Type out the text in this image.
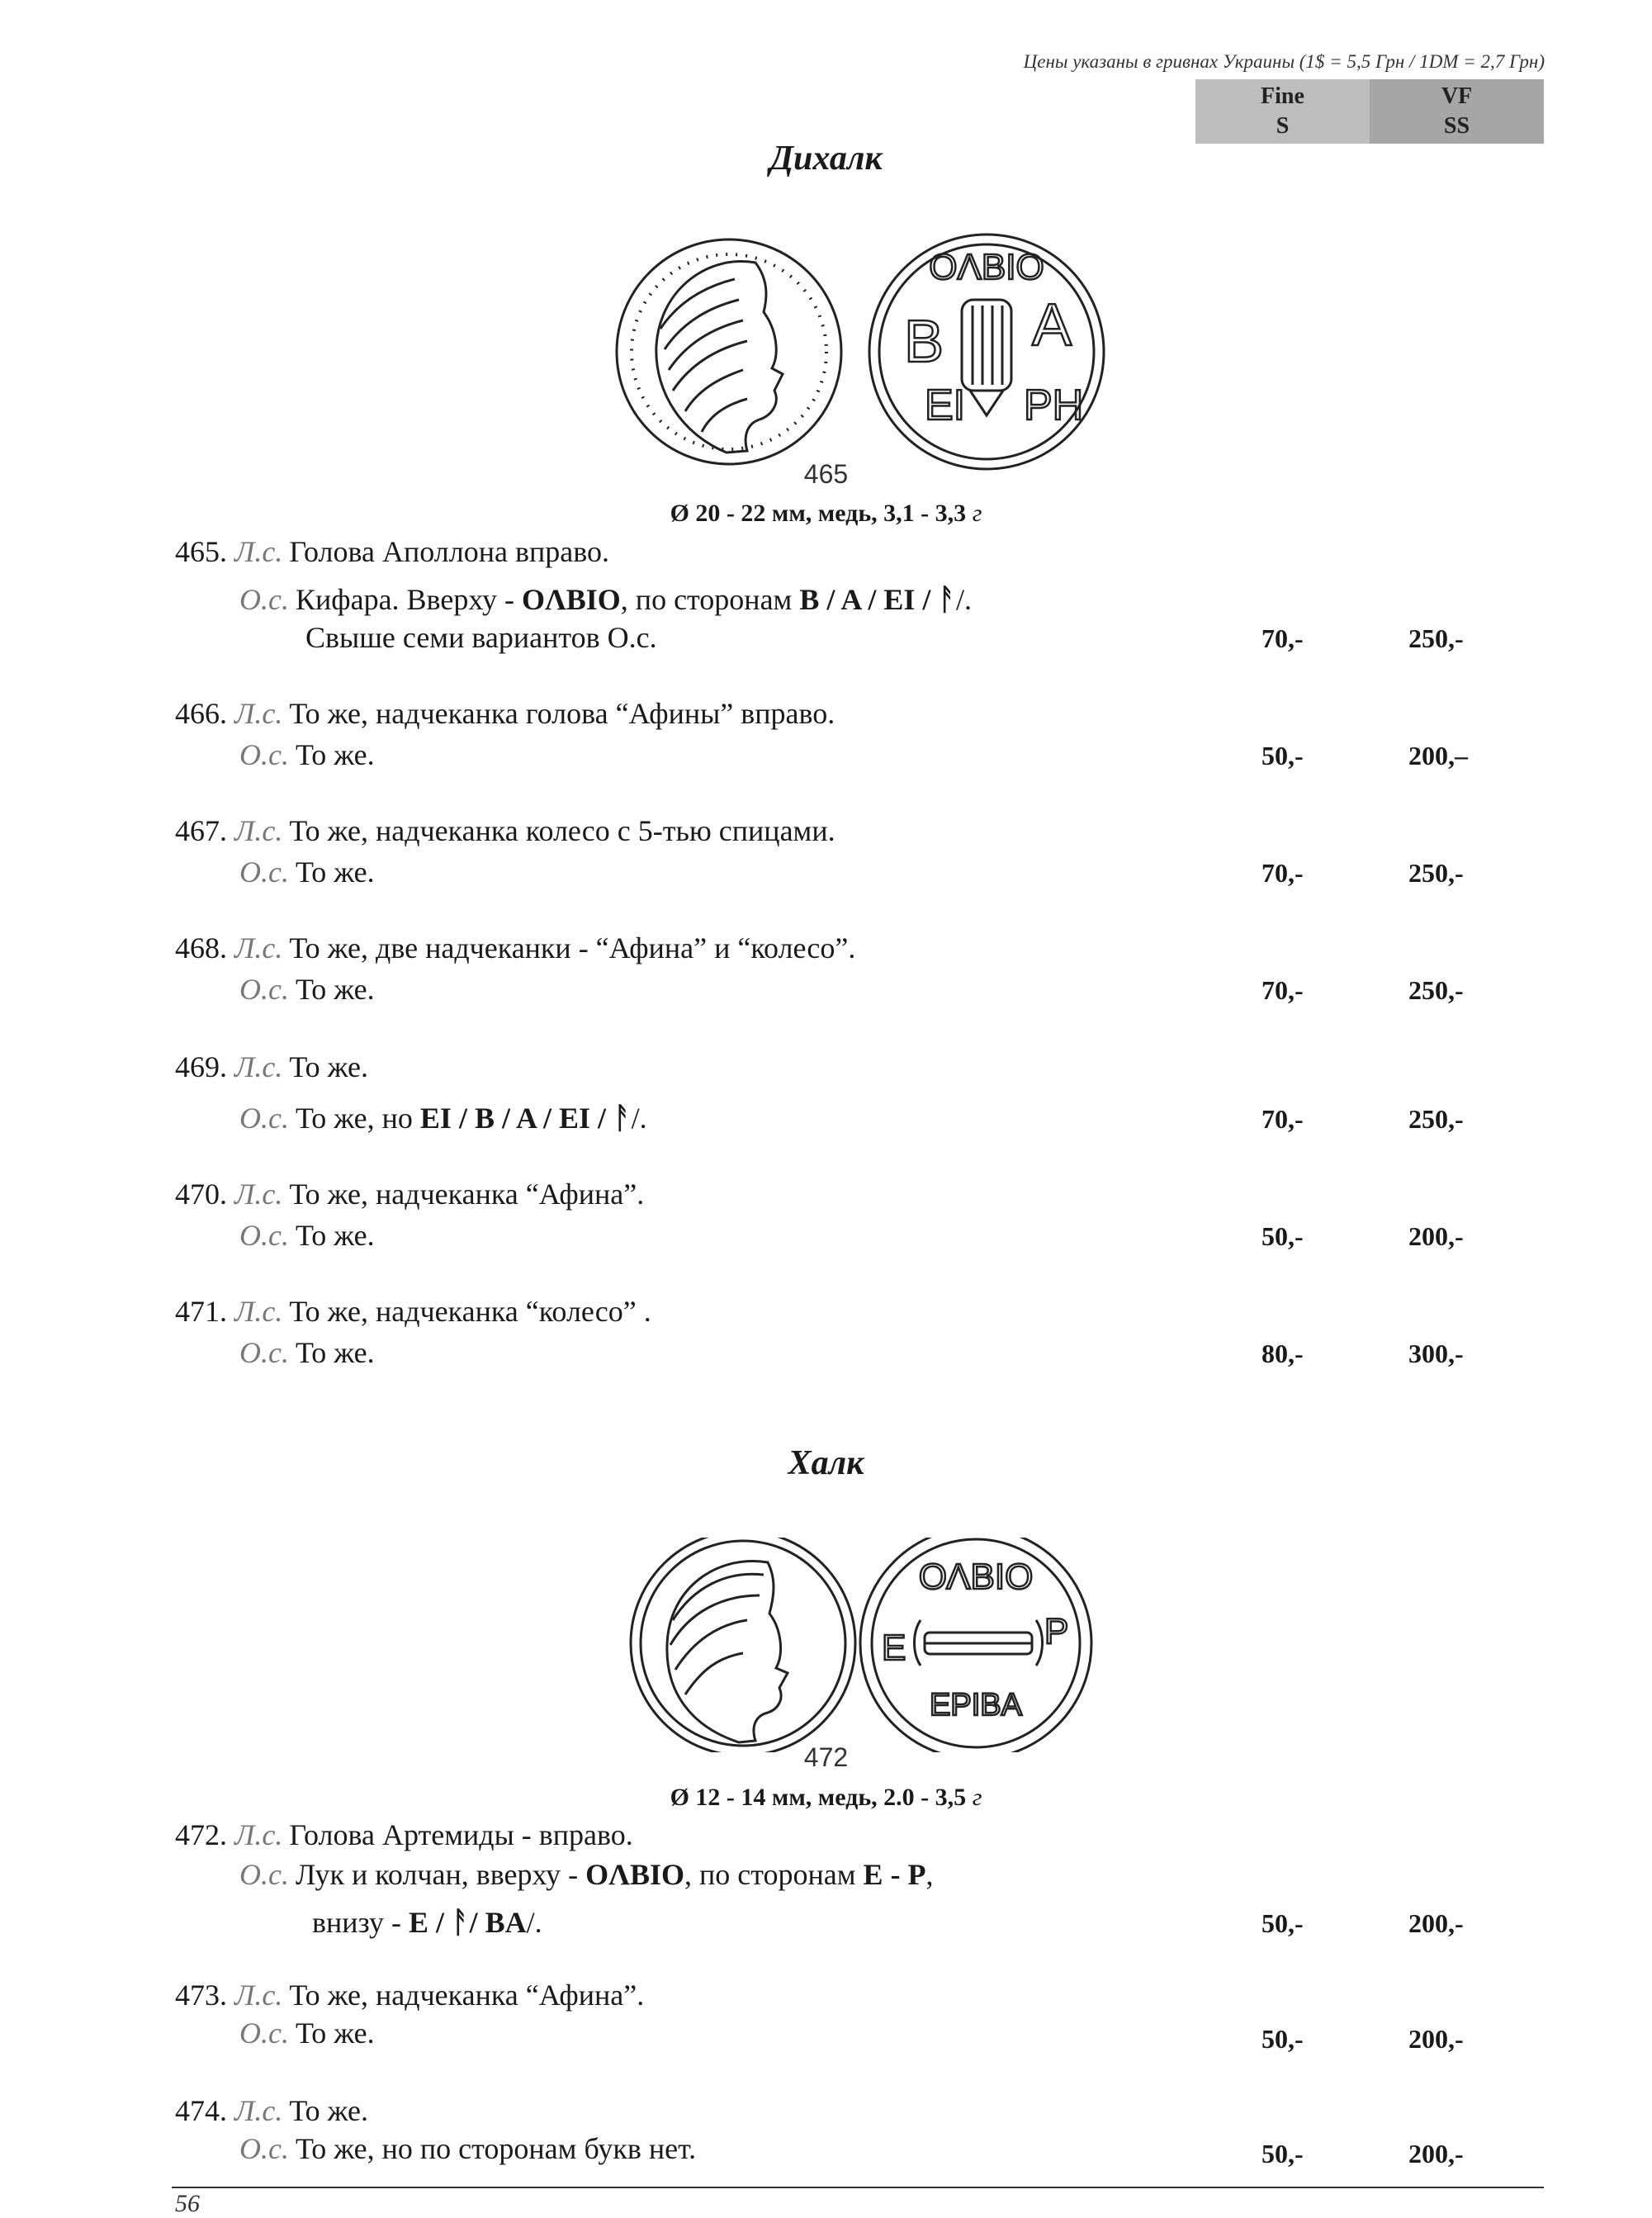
Цены указаны в гривнах Украины (1$ = 5,5 Грн / 1DM = 2,7 Грн)
Fine
S
VF
SS
Дихалк
ОΛΒΙΟ
B A
EI PH
465
Ø 20 - 22 мм, медь, 3,1 - 3,3 г
465. Л.с. Голова Аполлона вправо.
О.с. Кифара. Вверху - ОΛΒΙΟ, по сторонам B / A / EI / ᚨ/.
Свыше семи вариантов О.с.	70,-	250,-
466. Л.с. То же, надчеканка голова “Афины” вправо.
О.с. То же.	50,-	200,–
467. Л.с. То же, надчеканка колесо с 5-тью спицами.
О.с. То же.	70,-	250,-
468. Л.с. То же, две надчеканки - “Афина” и “колесо”.
О.с. То же.	70,-	250,-
469. Л.с. То же.
О.с. То же, но EI / B / A / EI / ᚨ/.	70,-	250,-
470. Л.с. То же, надчеканка “Афина”.
О.с. То же.	50,-	200,-
471. Л.с. То же, надчеканка “колесо” .
О.с. То же.	80,-	300,-
Халк
ΟΛΒΙΟ
E	P
EPIBA
472
Ø 12 - 14 мм, медь, 2.0 - 3,5 г
472. Л.с. Голова Артемиды - вправо.
О.с. Лук и колчан, вверху - ОΛΒΙΟ, по сторонам E - P,
внизу - E / ᚨ/ BA/.	50,-	200,-
473. Л.с. То же, надчеканка “Афина”.
О.с. То же.	50,-	200,-
474. Л.с. То же.
О.с. То же, но по сторонам букв нет.	50,-	200,-
56
